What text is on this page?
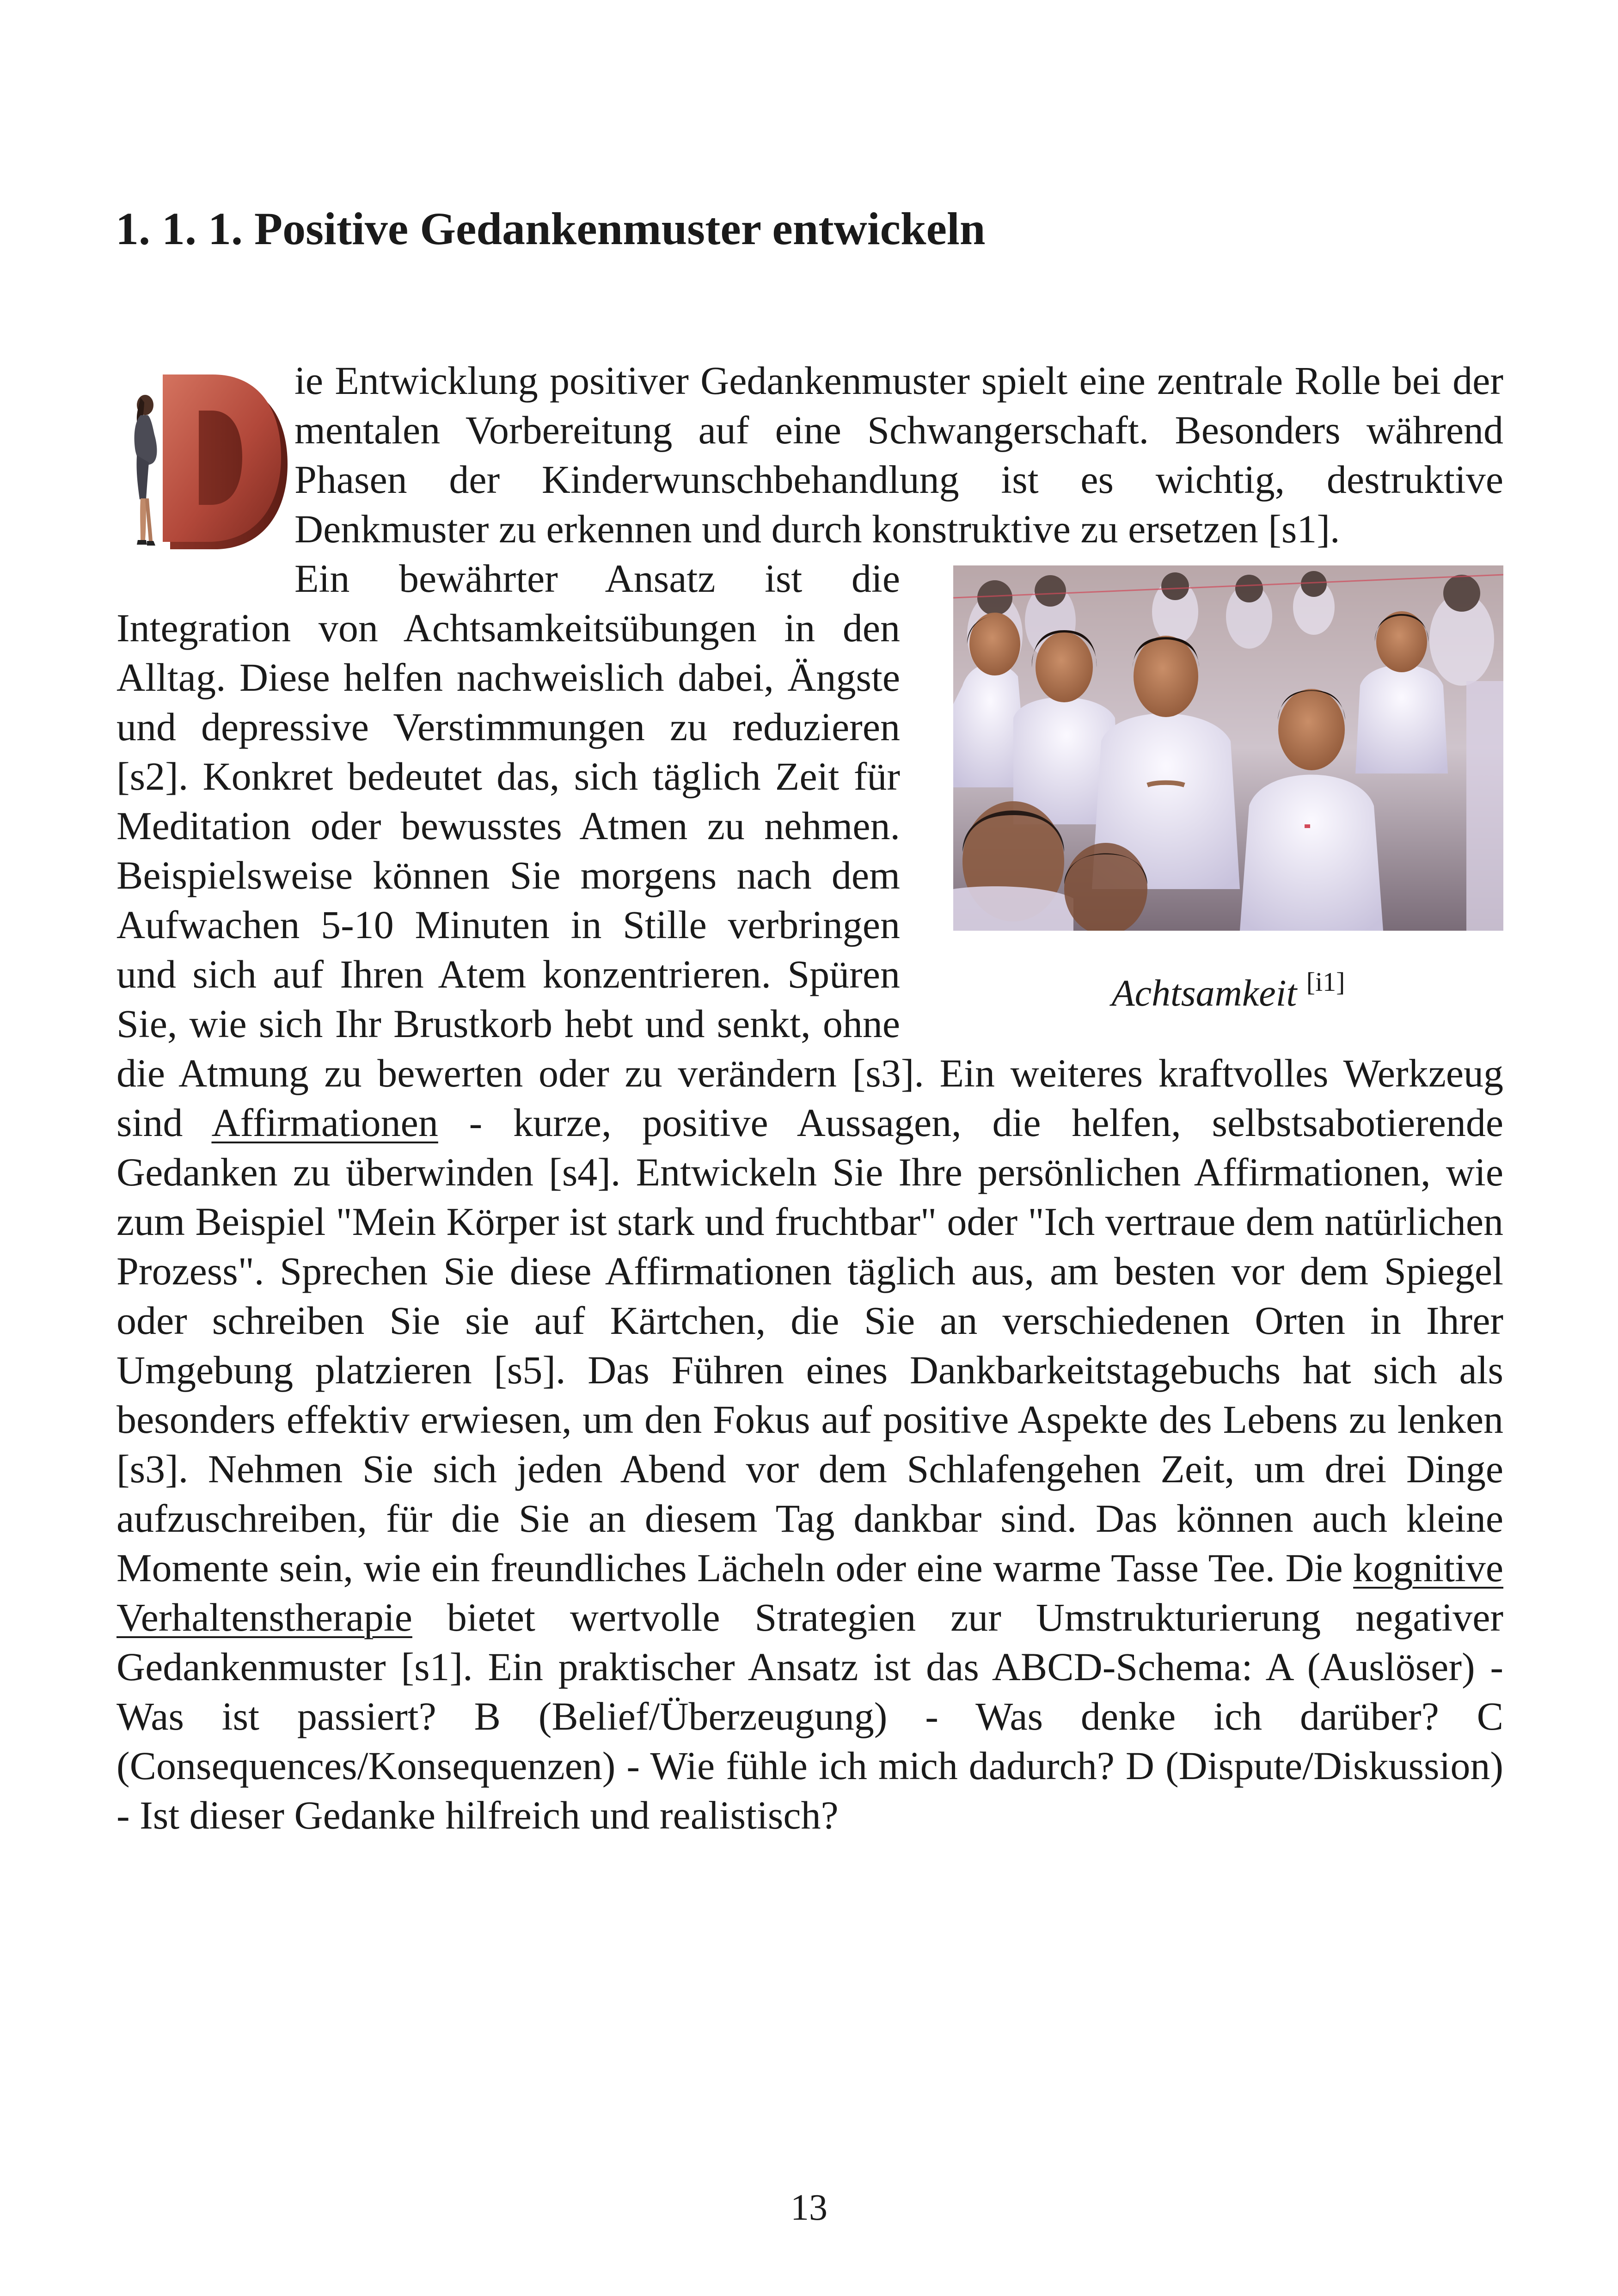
1. 1. 1. Positive Gedankenmuster entwickeln

ie Entwicklung positiver Gedankenmuster spielt eine zentrale Rolle bei der mentalen Vorbereitung auf eine Schwangerschaft. Besonders während Phasen der Kinderwunschbehandlung ist es wichtig, destruktive Denkmuster zu erkennen und durch konstruktive zu ersetzen [s1].

Achtsamkeit [i1]

Ein bewährter Ansatz ist die Integration von Achtsamkeitsübungen in den Alltag. Diese helfen nachweislich dabei, Ängste und depressive Verstimmungen zu reduzieren [s2]. Konkret bedeutet das, sich täglich Zeit für Meditation oder bewusstes Atmen zu nehmen. Beispielsweise können Sie morgens nach dem Aufwachen 5-10 Minuten in Stille verbringen und sich auf Ihren Atem konzentrieren. Spüren Sie, wie sich Ihr Brustkorb hebt und senkt, ohne die Atmung zu bewerten oder zu verändern [s3]. Ein weiteres kraftvolles Werkzeug sind Affirmationen - kurze, positive Aussagen, die helfen, selbstsabotierende Gedanken zu überwinden [s4]. Entwickeln Sie Ihre persönlichen Affirmationen, wie zum Beispiel "Mein Körper ist stark und fruchtbar" oder "Ich vertraue dem natürlichen Prozess". Sprechen Sie diese Affirmationen täglich aus, am besten vor dem Spiegel oder schreiben Sie sie auf Kärtchen, die Sie an verschiedenen Orten in Ihrer Umgebung platzieren [s5]. Das Führen eines Dankbarkeitstagebuchs hat sich als besonders effektiv erwiesen, um den Fokus auf positive Aspekte des Lebens zu lenken [s3]. Nehmen Sie sich jeden Abend vor dem Schlafengehen Zeit, um drei Dinge aufzuschreiben, für die Sie an diesem Tag dankbar sind. Das können auch kleine Momente sein, wie ein freundliches Lächeln oder eine warme Tasse Tee. Die kognitive Verhaltenstherapie bietet wertvolle Strategien zur Umstrukturierung negativer Gedankenmuster [s1]. Ein praktischer Ansatz ist das ABCD-Schema: A (Auslöser) - Was ist passiert? B (Belief/Überzeugung) - Was denke ich darüber? C (Consequences/Konsequenzen) - Wie fühle ich mich dadurch? D (Dispute/Diskussion) - Ist dieser Gedanke hilfreich und realistisch?

13
